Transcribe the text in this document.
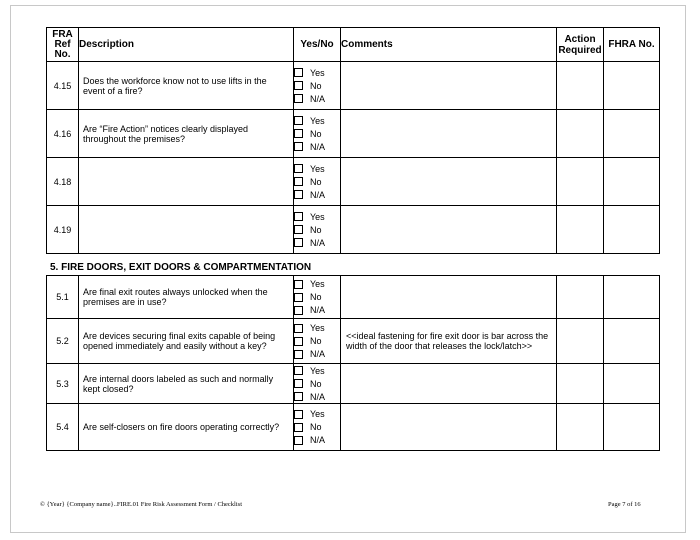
FRA Ref No.	Description	Yes/No	Comments	Action Required	FHRA No.
4.15	Does the workforce know not to use lifts in the event of a fire?	Yes
No
N/A			

4.16	Are “Fire Action” notices clearly displayed throughout the premises?	Yes
No
N/A			

4.18		Yes
No
N/A			

4.19		Yes
No
N/A			

5. FIRE DOORS, EXIT DOORS & COMPARTMENTATION
5.1	Are final exit routes always unlocked when the premises are in use?	Yes
No
N/A			

5.2	Are devices securing final exits capable of being opened immediately and easily without a key?	Yes
No
N/A	<<ideal fastening for fire exit door is bar across the width of the door that releases the lock/latch>>		
5.3	Are internal doors labeled as such and normally kept closed?	Yes
No
N/A			

5.4	Are self-closers on fire doors operating correctly?	Yes
No
N/A			

© {Year} {Company name}..FIRE.01 Fire Risk Assessment Form / Checklist	Page 7 of 16
